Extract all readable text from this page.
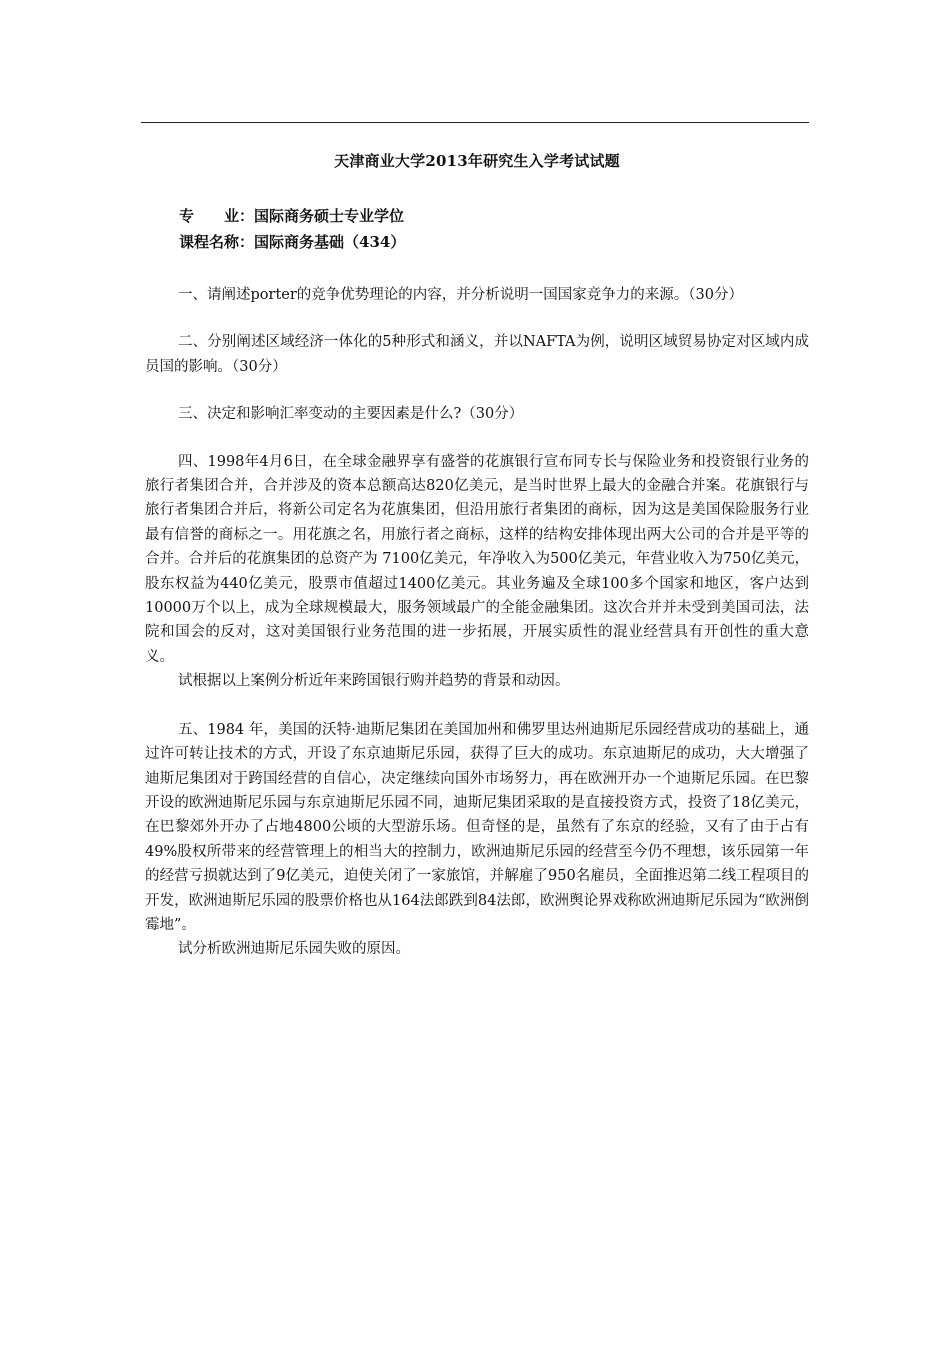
天津商业大学2013年研究生入学考试试题
专　　业：国际商务硕士专业学位
课程名称：国际商务基础（434）

一、请阐述porter的竞争优势理论的内容，并分析说明一国国家竞争力的来源。（30分）

二、分别阐述区域经济一体化的5种形式和涵义，并以NAFTA为例，说明区域贸易协定对区域内成员国的影响。（30分）

三、决定和影响汇率变动的主要因素是什么?（30分）

四、1998年4月6日，在全球金融界享有盛誉的花旗银行宣布同专长与保险业务和投资银行业务的旅行者集团合并，合并涉及的资本总额高达820亿美元，是当时世界上最大的金融合并案。花旗银行与旅行者集团合并后，将新公司定名为花旗集团，但沿用旅行者集团的商标，因为这是美国保险服务行业最有信誉的商标之一。用花旗之名，用旅行者之商标，这样的结构安排体现出两大公司的合并是平等的合并。合并后的花旗集团的总资产为 7100亿美元，年净收入为500亿美元，年营业收入为750亿美元，股东权益为440亿美元，股票市值超过1400亿美元。其业务遍及全球100多个国家和地区，客户达到10000万个以上，成为全球规模最大，服务领域最广的全能金融集团。这次合并并未受到美国司法，法院和国会的反对，这对美国银行业务范围的进一步拓展，开展实质性的混业经营具有开创性的重大意义。

试根据以上案例分析近年来跨国银行购并趋势的背景和动因。

五、1984 年，美国的沃特·迪斯尼集团在美国加州和佛罗里达州迪斯尼乐园经营成功的基础上，通过许可转让技术的方式，开设了东京迪斯尼乐园，获得了巨大的成功。东京迪斯尼的成功，大大增强了迪斯尼集团对于跨国经营的自信心，决定继续向国外市场努力，再在欧洲开办一个迪斯尼乐园。在巴黎开设的欧洲迪斯尼乐园与东京迪斯尼乐园不同，迪斯尼集团采取的是直接投资方式，投资了18亿美元，在巴黎郊外开办了占地4800公顷的大型游乐场。但奇怪的是，虽然有了东京的经验，又有了由于占有49%股权所带来的经营管理上的相当大的控制力，欧洲迪斯尼乐园的经营至今仍不理想，该乐园第一年的经营亏损就达到了9亿美元，迫使关闭了一家旅馆，并解雇了950名雇员，全面推迟第二线工程项目的开发，欧洲迪斯尼乐园的股票价格也从164法郎跌到84法郎，欧洲舆论界戏称欧洲迪斯尼乐园为“欧洲倒霉地”。

试分析欧洲迪斯尼乐园失败的原因。
